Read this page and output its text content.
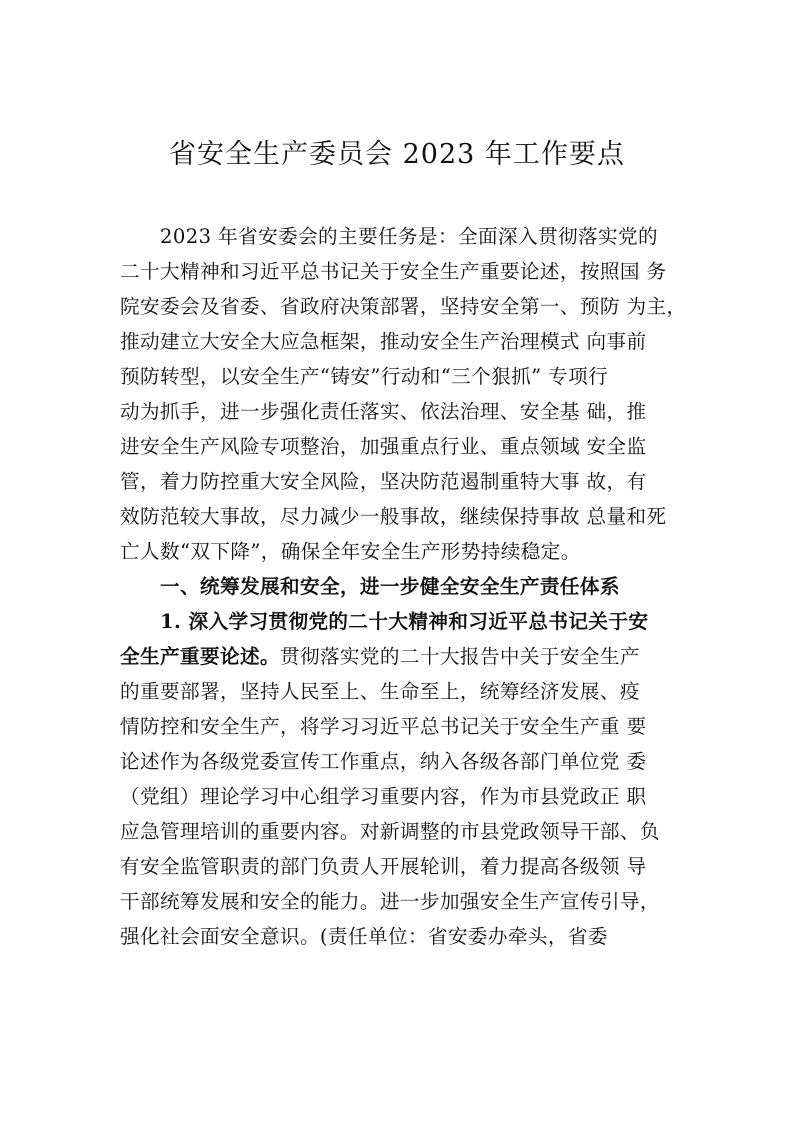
省安全生产委员会 2023 年工作要点
2023 年省安委会的主要任务是：全面深入贯彻落实党的
二十大精神和习近平总书记关于安全生产重要论述，按照国 务
院安委会及省委、省政府决策部署，坚持安全第一、预防 为主，
推动建立大安全大应急框架，推动安全生产治理模式 向事前
预防转型，以安全生产“铸安”行动和“三个狠抓” 专项行
动为抓手，进一步强化责任落实、依法治理、安全基 础，推
进安全生产风险专项整治，加强重点行业、重点领域 安全监
管，着力防控重大安全风险，坚决防范遏制重特大事 故，有
效防范较大事故，尽力减少一般事故，继续保持事故 总量和死
亡人数“双下降”，确保全年安全生产形势持续稳定。
一、统筹发展和安全，进一步健全安全生产责任体系
1. 深入学习贯彻党的二十大精神和习近平总书记关于安
全生产重要论述。贯彻落实党的二十大报告中关于安全生产
的重要部署，坚持人民至上、生命至上，统筹经济发展、疫
情防控和安全生产，将学习习近平总书记关于安全生产重 要
论述作为各级党委宣传工作重点，纳入各级各部门单位党 委
（党组）理论学习中心组学习重要内容，作为市县党政正 职
应急管理培训的重要内容。对新调整的市县党政领导干部、负
有安全监管职责的部门负责人开展轮训，着力提高各级领 导
干部统筹发展和安全的能力。进一步加强安全生产宣传引导，
强化社会面安全意识。(责任单位：省安委办牵头，省委
